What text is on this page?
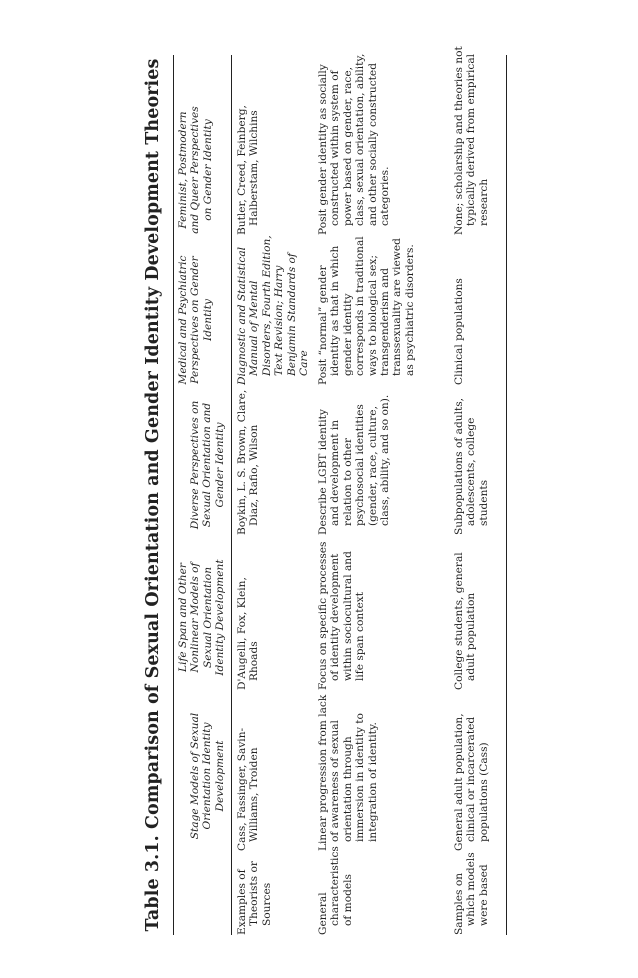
Table 3.1. Comparison of Sexual Orientation and Gender Identity Development Theories Stage Models of Sexual Orientation Identity Development
Life Span and Other Nonlinear Models of Sexual Orientation Identity Development
Diverse Perspectives on Sexual Orientation and Gender Identity
Medical and Psychiatric Perspectives on Gender Identity
Feminist, Postmodern and Queer Perspectives on Gender Identity
Examples of Theorists or Sources
Cass, Fassinger, Savin-Williams, Troiden
D'Augelli, Fox, Klein, Rhoads
Boykin, L. S. Brown, Clare, Diaz, Rafio, Wilson
Diagnostic and Statistical Manual of Mental Disorders, Fourth Edition, Text Revision; Harry Benjamin Standards of Care
Butler, Creed, Feinberg, Halberstam, Wilchins
General characteristics of models
Linear progression from lack of awareness of sexual orientation through immersion in identity to integration of identity.
Focus on specific processes of identity development within sociocultural and life span context
Describe LGBT identity and development in relation to other psychosocial identities (gender, race, culture, class, ability, and so on).
Posit “normal” gender identity as that in which gender identity corresponds in traditional ways to biological sex; transgenderism and transsexuality are viewed as psychiatric disorders.
Posit gender identity as socially constructed within system of power based on gender, race, class, sexual orientation, ability, and other socially constructed categories.
Samples on which models were based
General adult population, clinical or incarcerated populations (Cass)
College students, general adult population
Subpopulations of adults, adolescents, college students
Clinical populations
None; scholarship and theories not typically derived from empirical research
